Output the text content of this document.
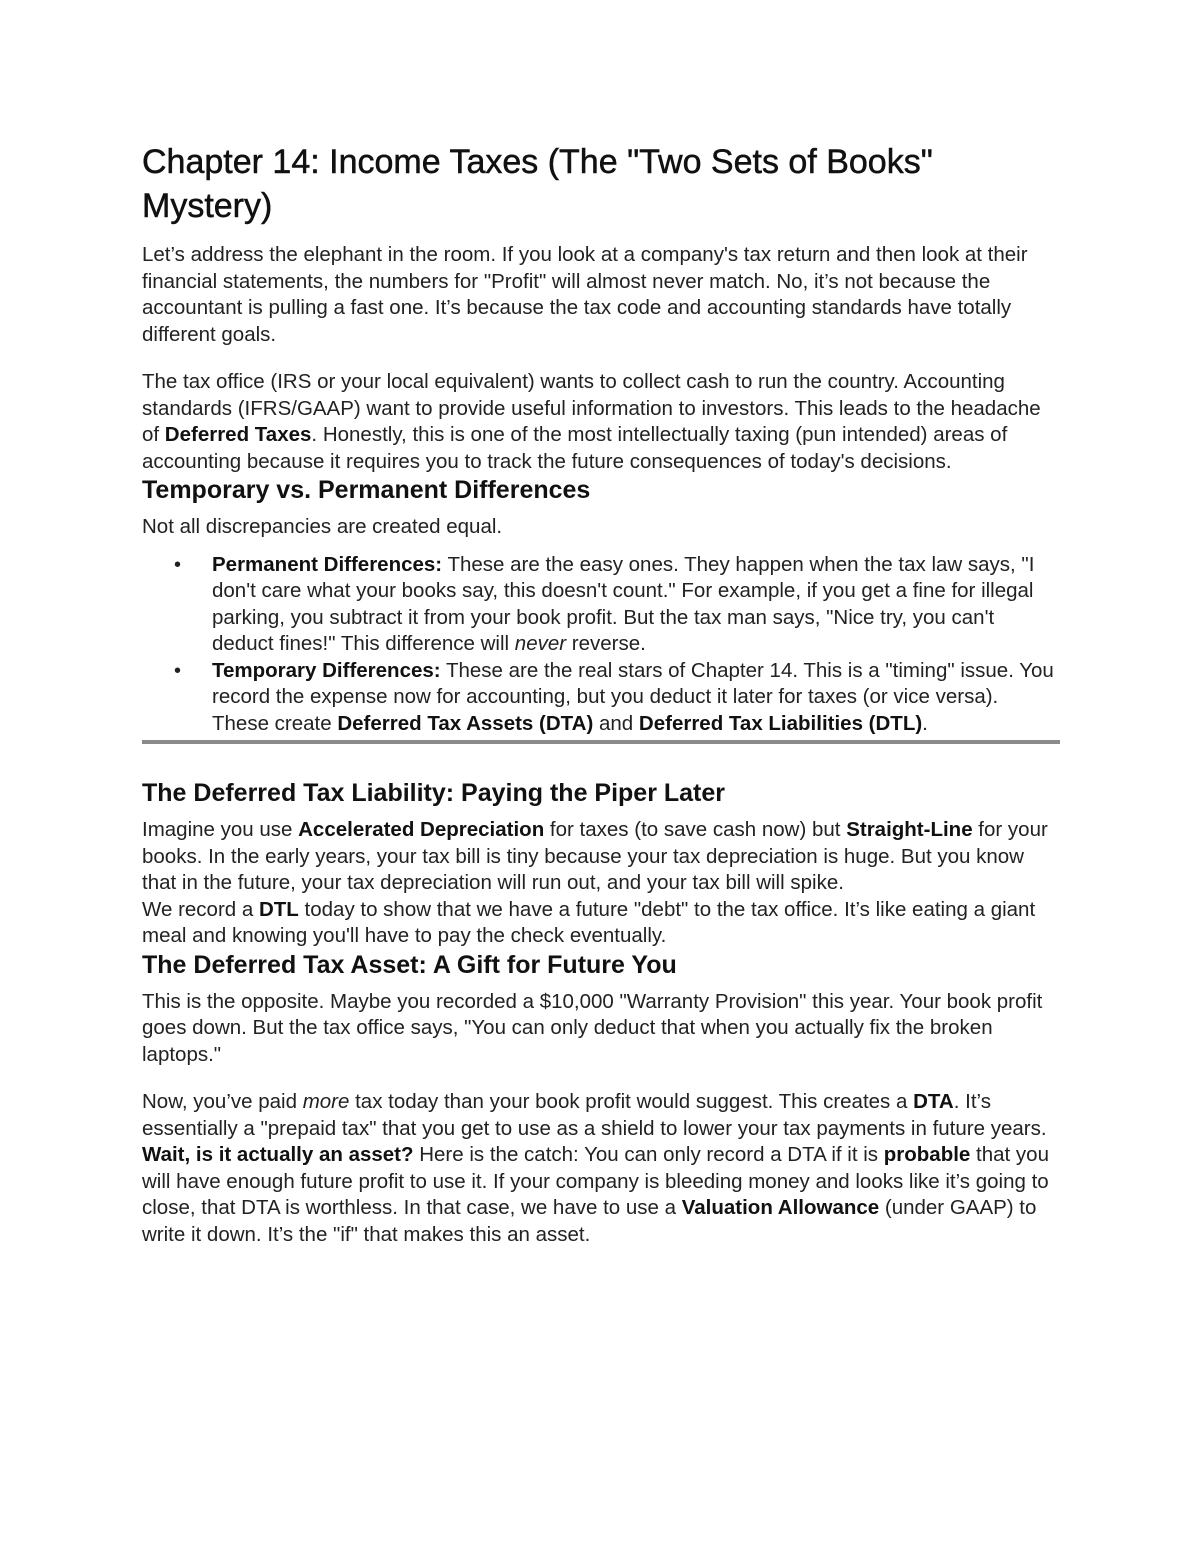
Chapter 14: Income Taxes (The "Two Sets of Books" Mystery)

Let’s address the elephant in the room. If you look at a company's tax return and then look at their financial statements, the numbers for "Profit" will almost never match. No, it’s not because the accountant is pulling a fast one. It’s because the tax code and accounting standards have totally different goals.

The tax office (IRS or your local equivalent) wants to collect cash to run the country. Accounting standards (IFRS/GAAP) want to provide useful information to investors. This leads to the headache of Deferred Taxes. Honestly, this is one of the most intellectually taxing (pun intended) areas of accounting because it requires you to track the future consequences of today's decisions.

Temporary vs. Permanent Differences

Not all discrepancies are created equal.

• Permanent Differences: These are the easy ones. They happen when the tax law says, "I don't care what your books say, this doesn't count." For example, if you get a fine for illegal parking, you subtract it from your book profit. But the tax man says, "Nice try, you can't deduct fines!" This difference will never reverse.
• Temporary Differences: These are the real stars of Chapter 14. This is a "timing" issue. You record the expense now for accounting, but you deduct it later for taxes (or vice versa). These create Deferred Tax Assets (DTA) and Deferred Tax Liabilities (DTL).
The Deferred Tax Liability: Paying the Piper Later

Imagine you use Accelerated Depreciation for taxes (to save cash now) but Straight-Line for your books. In the early years, your tax bill is tiny because your tax depreciation is huge. But you know that in the future, your tax depreciation will run out, and your tax bill will spike.

We record a DTL today to show that we have a future "debt" to the tax office. It’s like eating a giant meal and knowing you'll have to pay the check eventually.

The Deferred Tax Asset: A Gift for Future You

This is the opposite. Maybe you recorded a $10,000 "Warranty Provision" this year. Your book profit goes down. But the tax office says, "You can only deduct that when you actually fix the broken laptops."

Now, you’ve paid more tax today than your book profit would suggest. This creates a DTA. It’s essentially a "prepaid tax" that you get to use as a shield to lower your tax payments in future years.

Wait, is it actually an asset? Here is the catch: You can only record a DTA if it is probable that you will have enough future profit to use it. If your company is bleeding money and looks like it’s going to close, that DTA is worthless. In that case, we have to use a Valuation Allowance (under GAAP) to write it down. It’s the "if" that makes this an asset.
